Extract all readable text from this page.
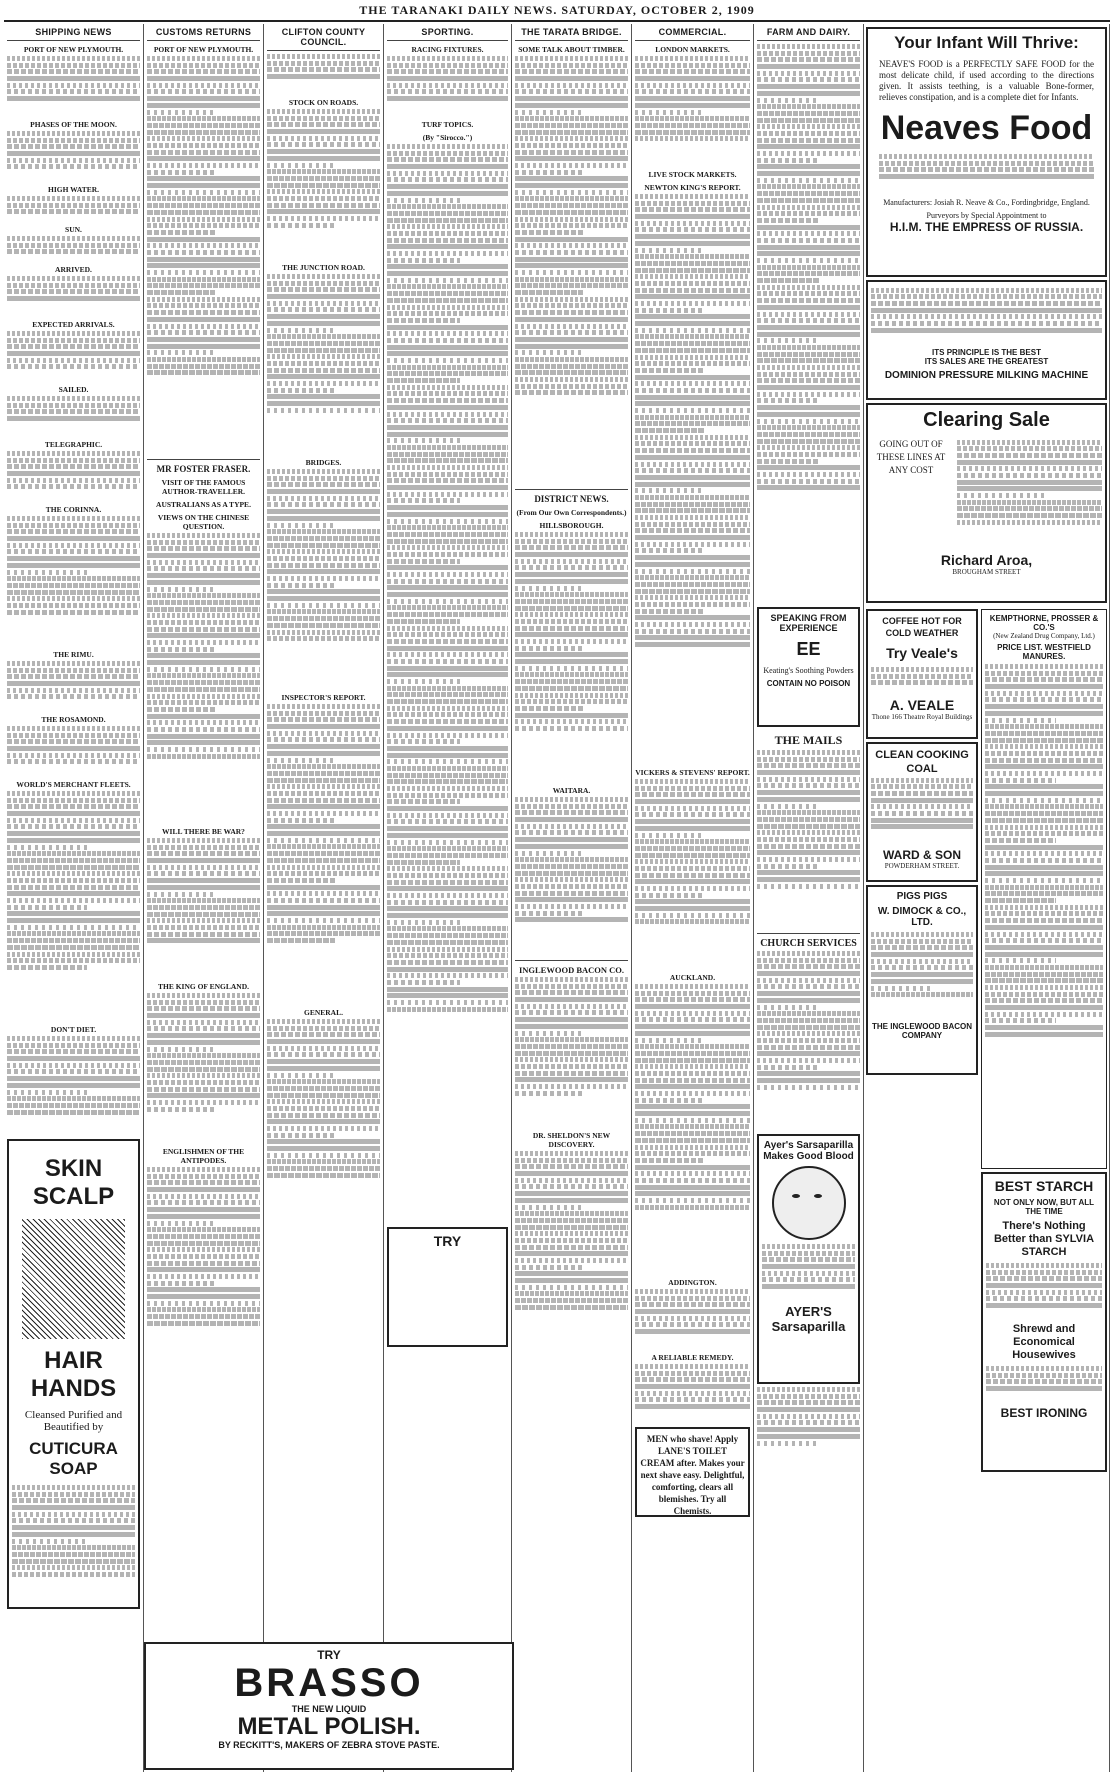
THE TARANAKI DAILY NEWS. SATURDAY, OCTOBER 2, 1909
SHIPPING NEWS
PORT OF NEW PLYMOUTH.
PHASES OF THE MOON.
HIGH WATER.
SUN.
ARRIVED.
EXPECTED ARRIVALS.
SAILED.
TELEGRAPHIC.
THE CORINNA.
THE RIMU.
THE ROSAMOND.
WORLD'S MERCHANT FLEETS.
DON'T DIET.
SKIN SCALP
HAIR HANDS
Cleansed Purified and Beautified by
CUTICURA SOAP
CUSTOMS RETURNS
PORT OF NEW PLYMOUTH.
MR FOSTER FRASER.
VISIT OF THE FAMOUS AUTHOR-TRAVELLER.
AUSTRALIANS AS A TYPE.
VIEWS ON THE CHINESE QUESTION.
WILL THERE BE WAR?
THE KING OF ENGLAND.
ENGLISHMEN OF THE ANTIPODES.
CLIFTON COUNTY COUNCIL.
STOCK ON ROADS.
THE JUNCTION ROAD.
BRIDGES.
INSPECTOR'S REPORT.
GENERAL.
SPORTING.
RACING FIXTURES.
TURF TOPICS.
(By "Sirocco.")
TRY
THE TARATA BRIDGE.
SOME TALK ABOUT TIMBER.
DISTRICT NEWS.
(From Our Own Correspondents.)
HILLSBOROUGH.
WAITARA.
INGLEWOOD BACON CO.
DR. SHELDON'S NEW DISCOVERY.
COMMERCIAL.
LONDON MARKETS.
LIVE STOCK MARKETS.
NEWTON KING'S REPORT.
VICKERS & STEVENS' REPORT.
AUCKLAND.
ADDINGTON.
A RELIABLE REMEDY.
MEN who shave! Apply LANE'S TOILET CREAM after. Makes your next shave easy. Delightful, comforting, clears all blemishes. Try all Chemists.
FARM AND DAIRY.
SPEAKING FROM EXPERIENCE
EE
Keating's Soothing Powders
CONTAIN NO POISON
THE MAILS
CHURCH SERVICES
Ayer's Sarsaparilla Makes Good Blood
AYER'S Sarsaparilla
Your Infant Will Thrive:
NEAVE'S FOOD is a PERFECTLY SAFE FOOD for the most delicate child, if used according to the directions given. It assists teething, is a valuable Bone-former, relieves constipation, and is a complete diet for Infants.
Neaves Food
Manufacturers: Josiah R. Neave & Co., Fordingbridge, England.
Purveyors by Special Appointment to
H.I.M. THE EMPRESS OF RUSSIA.
ITS PRINCIPLE IS THE BEST
ITS SALES ARE THE GREATEST
DOMINION PRESSURE MILKING MACHINE
Clearing Sale
GOING OUT OF THESE LINES AT ANY COST
Richard Aroa,
BROUGHAM STREET
COFFEE HOT FOR COLD WEATHER
Try Veale's
A. VEALE
Thone 166 Theatre Royal Buildings
CLEAN COOKING COAL
WARD & SON
POWDERHAM STREET.
PIGS PIGS
W. DIMOCK & CO., LTD.
THE INGLEWOOD BACON COMPANY
KEMPTHORNE, PROSSER & CO.'S
(New Zealand Drug Company, Ltd.)
PRICE LIST. WESTFIELD MANURES.
BEST STARCH
NOT ONLY NOW, BUT ALL THE TIME
There's Nothing Better than SYLVIA STARCH
Shrewd and Economical Housewives
BEST IRONING
TRY
BRASSO
THE NEW LIQUID
METAL POLISH.
BY RECKITT'S, MAKERS OF ZEBRA STOVE PASTE.
